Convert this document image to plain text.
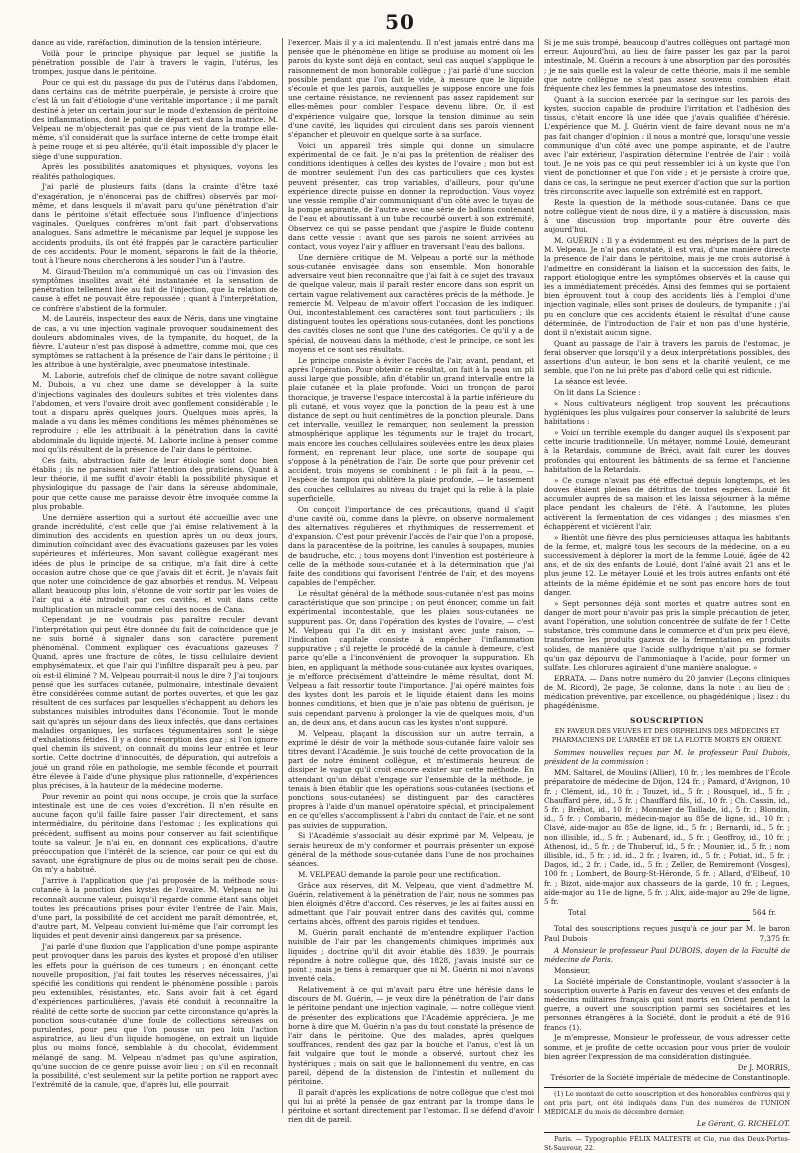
50

dance au vide, raréfaction, diminution de la tension intérieure.

Voilà pour le principe physique par lequel se justifie la pénétration possible de l'air à travers le vagin, l'utérus, les trompes, jusque dans le péritoine.

Pour ce qui est du passage du pus de l'utérus dans l'abdomen, dans certains cas de métrite puerpérale, je persiste à croire que c'est là un fait d'étiologie d'une véritable importance ; il me paraît destiné à jeter un certain jour sur le mode d'extension de péritoine des inflammations, dont le point de départ est dans la matrice. M. Velpeau ne m'objecterait pas que ce pus vient de la trompe elle-même, s'il considérait que la surface interne de cette trompe était à peine rouge et si peu altérée, qu'il était impossible d'y placer le siège d'une suppuration.

Après les possibilités anatomiques et physiques, voyons les réalités pathologiques.

J'ai parlé de plusieurs faits (dans la crainte d'être taxé d'exagération, je n'énoncerai pas de chiffres) observés par moi-même, et dans lesquels il m'avait paru qu'une pénétration d'air dans le péritoine s'était effectuée sous l'influence d'injections vaginales. Quelques confrères m'ont fait part d'observations analogues. Sans admettre le mécanisme par lequel je suppose les accidents produits, ils ont été frappés par le caractère particulier de ces accidents. Pour le moment, séparons le fait de la théorie, tout à l'heure nous chercherons à les souder l'un à l'autre.

M. Giraud-Theulon m'a communiqué un cas où l'invasion des symptômes insolites avait été instantanée et la sensation de pénétration tellement liée au fait de l'injection, que la relation de cause à effet ne pouvait être repoussée ; quant à l'interprétation, ce confrère s'abstient de la formuler.

M. de Lauréis, inspecteur des eaux de Néris, dans une vingtaine de cas, a vu une injection vaginale provoquer soudainement des douleurs abdominales vives, de la tympanite, du hoquet, de la fièvre. L'auteur n'est pas disposé à admettre, comme moi, que ces symptômes se rattachent à la présence de l'air dans le péritoine ; il les attribue à une hystéralgie, avec pneumatose intestinale.

M. Laborie, autrefois chef de clinique de notre savant collègue M. Dubois, a vu chez une dame se développer à la suite d'injections vaginales des douleurs subites et très violentes dans l'abdomen, et vers l'ovaire droit avec gonflement considérable ; le tout a disparu après quelques jours. Quelques mois après, la malade a vu dans les mêmes conditions les mêmes phénomènes se reproduire ; elle les attribuait à la pénétration dans la cavité abdominale du liquide injecté. M. Laborie incline à penser comme moi qu'ils résultent de la présence de l'air dans le péritoine.

Ces faits, abstraction faite de leur étiologie sont donc bien établis ; ils ne paraissent nier l'attention des praticiens. Quant à leur théorie, il me suffit d'avoir établi la possibilité physique et physiologique du passage de l'air dans la séreuse abdominale, pour que cette cause me paraisse devoir être invoquée comme la plus probable.

Une dernière assertion qui a surtout été accueillie avec une grande incrédulité, c'est celle que j'ai émise relativement à la diminution des accidents en question après un ou deux jours, diminution coïncidant avec des évacuations gazeuses par les voies supérieures et inférieures. Mon savant collègue exagérant mes idées de plus le principe de sa critique, m'a fait dire à cette occasion autre chose que ce que j'avais dit et écrit. Je n'avais fait que noter une coïncidence de gaz absorbés et rendus. M. Velpeau allant beaucoup plus loin, s'étonne de voir sortir par les voies de l'air qui a été introduit par ces cavités, et voit dans cette multiplication un miracle comme celui des noces de Cana.

Cependant je ne voudrais pas paraître reculer devant l'interprétation qui peut être donnée du fait de coïncidence que je ne suis borné à signaler dans son caractère purement phénoménal. Comment expliquer ces évacuations gazeuses ? Quand, après une fracture de côtes, le tissu cellulaire devient emphysémateux, et que l'air qui l'infiltre disparaît peu à peu, par où est-il éliminé ? M. Velpeau pourrait-il nous le dire ? J'ai toujours pensé que les surfaces cutanée, pulmonaire, intestinale devaient être considérées comme autant de portes ouvertes, et que les gaz résultent de ces surfaces par lesquelles s'échappent au dehors les substances nuisibles introduites dans l'économie. Tout le monde sait qu'après un séjour dans des lieux infectés, que dans certaines maladies organiques, les surfaces tégumentaires sont le siège d'exhalations fétides. Il y a donc résorption des gaz ; si l'on ignore quel chemin ils suivent, on connaît du moins leur entrée et leur sortie. Cette doctrine d'innocuités, de dépuration, qui autrefois a joué un grand rôle en pathologie, me semble féconde et pourrait être élevée à l'aide d'une physique plus rationnelle, d'expériences plus précises, à la hauteur de la médecine moderne.

Pour revenir au point qui nous occupe, je crois que la surface intestinale est une de ces voies d'excrétion. Il n'en résulte en aucune façon qu'il faille faire passer l'air directement, et sans intermédiaire, du péritoine dans l'estomac ; les explications qui précèdent, suffisent au moins pour conserver au fait scientifique toute sa valeur. Je n'ai eu, en donnant ces explications, d'autre préoccupation que l'intérêt de la science, car pour ce qui est du savant, une égratignure de plus ou de moins serait peu de chose. On m'y a habitué.

J'arrive à l'application que j'ai proposée de la méthode sous-cutanée à la ponction des kystes de l'ovaire. M. Velpeau ne lui reconnaît aucune valeur, puisqu'il regarde comme étant sans objet toutes les précautions prises pour éviter l'entrée de l'air. Mais, d'une part, la possibilité de cet accident me paraît démontrée, et, d'autre part, M. Velpeau convient lui-même que l'air corrompt les liquides et peut devenir ainsi dangereux par sa présence.

J'ai parlé d'une fluxion que l'application d'une pompe aspirante peut provoquer dans les parois des kystes et proposé d'en utiliser les effets pour la guérison de ces tumeurs ; en énonçant cette nouvelle proposition, j'ai fait toutes les réserves nécessaires, j'ai spécifié les conditions qui rendent le phénomène possible : parois peu extensibles, résistantes, etc. Sans avoir fait à cet égard d'expériences particulières, j'avais été conduit à reconnaître la réalité de cette sorte de succion par cette circonstance qu'après la ponction sous-cutanée d'une foule de collections séreuses ou purulentes, pour peu que l'on pousse un peu loin l'action aspiratrice, au lieu d'un liquide homogène, on extrait un liquide plus ou moins foncé, semblable à du chocolat, évidemment mélangé de sang. M. Velpeau n'admet pas qu'une aspiration, qu'une succion de ce genre puisse avoir lieu ; on s'il en reconnaît la possibilité, c'est seulement sur la petite portion ne rapport avec l'extrémité de la canule, que, d'après lui, elle pourrait

l'exercer. Mais il y a ici malentendu. Il n'est jamais entré dans ma pensée que le phénomène en litige se produise au moment où les parois du kyste sont déjà en contact, seul cas auquel s'applique le raisonnement de mon honorable collègue ; j'ai parlé d'une succion possible pendant que l'on fait le vide, à mesure que le liquide s'écoule et que les parois, auxquelles je suppose encore une fois une certaine résistance, ne reviennent pas assez rapidement sur elles-mêmes pour combler l'espace devenu libre. Or, il est d'expérience vulgaire que, lorsque la tension diminue au sein d'une cavité, les liquides qui circulent dans ses parois viennent s'épancher et pleuvoir en quelque sorte à sa surface.

Voici un appareil très simple qui donne un simulacre expérimental de ce fait. Je n'ai pas la prétention de réaliser des conditions identiques à celles des kystes de l'ovaire ; mon but est de montrer seulement l'un des cas particuliers que ces kystes peuvent présenter, cas trop variables, d'ailleurs, pour qu'une expérience directe puisse en donner la reproduction. Vous voyez une vessie remplie d'air communiquant d'un côté avec le tuyau de la pompe aspirante, de l'autre avec une série de ballons contenant de l'eau et aboutissant à un tube recourbé ouvert à son extrémité. Observez ce qui se passe pendant que j'aspire le fluide contenu dans cette vessie : avant que ses parois ne soient arrivées au contact, vous voyez l'air y affluer en traversant l'eau des ballons.

Une dernière critique de M. Velpeau a porté sur la méthode sous-cutanée envisagée dans son ensemble. Mon honorable adversaire veut bien reconnaître que j'ai fait à ce sujet des travaux de quelque valeur, mais il paraît rester encore dans son esprit un certain vague relativement aux caractères précis de la méthode. Je remercie M. Velpeau de m'avoir offert l'occasion de les indiquer. Oui, incontestablement ces caractères sont tout particuliers ; ils distinguent toutes les opérations sous-cutanées, dont les ponctions des cavités closes ne sont que l'une des catégories. Ce qu'il y a de spécial, de nouveau dans la méthode, c'est le principe, ce sont les moyens et ce sont ses résultats.

Le principe consiste à éviter l'accès de l'air, avant, pendant, et après l'opération. Pour obtenir ce résultat, on fait à la peau un pli aussi large que possible, afin d'établir un grand intervalle entre la plaie cutanée et la plaie profonde. Voici un tronçon de paroi thoracique, je traverse l'espace intercostal à la partie inférieure du pli cutané, et vous voyez que la ponction de la peau est à une distance de sept ou huit centimètres de la ponction pleurale. Dans cet intervalle, veuillez le remarquer, non seulement la pression atmosphérique applique les téguments sur le trajet du trocart, mais encore les couches cellulaires soulevées entre les deux plaies forment, en reprenant leur place, une sorte de soupape qui s'oppose à la pénétration de l'air. De sorte que pour prévenir cet accident, trois moyens se combinent : le pli fait à la peau, — l'espèce de tampon qui oblitère la plaie profonde, — le tassement des couches cellulaires au niveau du trajet qui la relie à la plaie superficielle.

On conçoit l'importance de ces précautions, quand il s'agit d'une cavité où, comme dans la plèvre, on observe normalement des alternatives régulières et rhythmiques de resserrement et d'expansion. C'est pour prévenir l'accès de l'air que l'on a proposé, dans la paracentèse de la poitrine, les canules à soupapes, munies de baudruche, etc. ; tous moyens dont l'invention est postérieure à celle de la méthode sous-cutanée et à la détermination que j'ai faite des conditions qui favorisent l'entrée de l'air, et des moyens capables de l'empêcher.

Le résultat général de la méthode sous-cutanée n'est pas moins caractéristique que son principe ; on peut énoncer, comme un fait expérimental incontestable, que les plaies sous-cutanées ne suppurent pas. Or, dans l'opération des kystes de l'ovaire, — c'est M. Velpeau qui l'a dit en y insistant avec juste raison, — l'indication capitale consiste à empêcher l'inflammation suppurative ; s'il rejette le procédé de la canule à demeure, c'est parce qu'elle a l'inconvénient de provoquer la suppuration. Eh bien, en appliquant la méthode sous-cutanée aux kystes ovariques, je m'efforce précisément d'atteindre le même résultat, dont M. Velpeau a fait ressortir toute l'importance. J'ai opéré maintes fois des kystes dont les parois et le liquide étaient dans les moins bonnes conditions, et bien que je n'aie pas obtenu de guérison, je suis cependant parvenu à prolonger la vie de quelques mois, d'un an, de deux ans, et dans aucun cas les kystes n'ont suppuré.

M. Velpeau, plaçant la discussion sur un autre terrain, a exprimé le désir de voir la méthode sous-cutanée faire valoir ses titres devant l'Académie. Je suis touché de cette provocation de la part de notre éminent collègue, et m'estimerais heureux de dissiper le vague qu'il croit encore exister sur cette méthode. En attendant qu'un débat s'engage sur l'ensemble de la méthode, je tenais à bien établir que les opérations sous-cutanées (sections et ponctions sous-cutanées) se distinguent par des caractères propres à l'aide d'un manuel opératoire spécial, et principalement en ce qu'elles s'accomplissent à l'abri du contact de l'air, et ne sont pas suivies de suppuration.

Si l'Académie s'associait au désir exprimé par M. Velpeau, je serais heureux de m'y conformer et pourrais présenter un exposé général de la méthode sous-cutanée dans l'une de nos prochaines séances.

M. VELPEAU demande la parole pour une rectification.

Grâce aux réserves, dit M. Velpeau, que vient d'admettre M. Guérin, relativement à la pénétration de l'air, nous ne sommes pas bien éloignés d'être d'accord. Ces réserves, je les ai faites aussi en admettant que l'air pouvait entrer dans des cavités qui, comme certains abcès, offrent des parois rigides et tendues.

M. Guérin paraît enchanté de m'entendre expliquer l'action nuisible de l'air par les changements chimiques imprimés aux liquides ; doctrine qu'il dit avoir établie dès 1839. Je pourrais répondre à notre collègue que, dès 1828, j'avais insisté sur ce point ; mais je tiens à remarquer que ni M. Guérin ni moi n'avons inventé cela.

Relativement à ce qui m'avait paru être une hérésie dans le discours de M. Guérin, — je veux dire la pénétration de l'air dans le péritoine pendant une injection vaginale, — notre collègue vient de présenter des explications que l'Académie appréciera. Je me borne à dire que M. Guérin n'a pas du tout constaté la présence de l'air dans le péritoine. Que des malades, après quelques souffrances, rendent des gaz par la bouche et l'anus, c'est là un fait vulgaire que tout le monde a observé, surtout chez les hystériques ; mais on sait que le ballonnement du ventre, en cas pareil, dépend de la distension de l'intestin et nullement du péritoine.

Il paraît d'après les explications de notre collègue que c'est moi qui lui ai prêté la pensée de gaz entrant par la trompe dans le péritoine et sortant directement par l'estomac. Il se défend d'avoir rien dit de pareil.

Si je me suis trompé, beaucoup d'autres collègues ont partagé mon erreur. Aujourd'hui, au lieu de faire passer les gaz par la paroi intestinale, M. Guérin a recours à une absorption par des porosités ; je ne sais quelle est la valeur de cette théorie, mais il me semble que notre collègue ne s'est pas assez souvenu combien était fréquente chez les femmes la pneumatose des intestins.

Quant à la succion exercée par la seringue sur les parois des kystes, succion capable de produire l'irritation et l'adhésion des tissus, c'était encore là une idée que j'avais qualifiée d'hérésie. L'expérience que M. J. Guérin vient de faire devant nous ne m'a pas fait changer d'opinion : il nous a montré que, lorsqu'une vessie communique d'un côté avec une pompe aspirante, et de l'autre avec l'air extérieur, l'aspiration détermine l'entrée de l'air : voilà tout. Je ne vois pas ce qui peut ressembler ici à un kyste que l'on vient de ponctionner et que l'on vide ; et je persiste à croire que, dans ce cas, la seringue ne peut exercer d'action que sur la portion très circonscrite avec laquelle son extrémité est en rapport.

Reste la question de la méthode sous-cutanée. Dans ce que notre collègue vient de nous dire, il y a matière à discussion, mais à une discussion trop importante pour être ouverte dès aujourd'hui.

M. GUÉRIN : Il y a évidemment eu des méprises de la part de M. Velpeau. Je n'ai pas constaté, il est vrai, d'une manière directe la présence de l'air dans le péritoine, mais je me crois autorisé à l'admettre en considérant la liaison et la succession des faits, le rapport étiologique entre les symptômes observés et la cause qui les a immédiatement précédés. Ainsi des femmes qui se portaient bien éprouvent tout à coup des accidents liés à l'emploi d'une injection vaginale, elles sont prises de douleurs, de tympanite ; j'ai pu en conclure que ces accidents étaient le résultat d'une cause déterminée, de l'introduction de l'air et non pas d'une hystérie, dont il n'existait aucun signe.

Quant au passage de l'air à travers les parois de l'estomac, je ferai observer que lorsqu'il y a deux interprétations possibles, des assertions d'un auteur, le bon sens et la charité veulent, ce me semble, que l'on ne lui prête pas d'abord celle qui est ridicule.

La séance est levée.

On lit dans La Science :

« Nous cultivateurs négligent trop souvent les précautions hygiéniques les plus vulgaires pour conserver la salubrité de leurs habitations :

» Voici un terrible exemple du danger auquel ils s'exposent par cette incurie traditionnelle. Un métayer, nommé Louié, demeurant à la Retardais, commune de Bréci, avait fait curer les douves profondes qui entourent les bâtiments de sa ferme et l'ancienne habitation de la Retardais.

» Ce curage n'avait pas été effectué depuis longtemps, et les douves étaient pleines de détritus de toutes espèces. Louié fit accumuler auprès de sa maison et les laissa séjourner à la même place pendant les chaleurs de l'été. A l'automne, les pluies activèrent la fermentation de ces vidanges ; des miasmes s'en échappèrent et vicièrent l'air.

» Bientôt une fièvre des plus pernicieuses attaqua les habitants de la ferme, et, malgré tous les secours de la médecine, on a eu successivement à déplorer la mort de la femme Louié, âgée de 42 ans, et de six des enfants de Louié, dont l'aîné avait 21 ans et le plus jeune 12. Le métayer Louié et les trois autres enfants ont été atteints de la même épidémie et ne sont pas encore hors de tout danger.

» Sept personnes déjà sont mortes et quatre autres sont en danger de mort pour n'avoir pas pris la simple précaution de jeter, avant l'opération, une solution concentrée de sulfate de fer ! Cette substance, très commune dans le commerce et d'un prix peu élevé, transforme les produits gazeux de la fermentation en produits solides, de manière que l'acide sulfhydrique n'ait pu se former qu'un gaz dépourvu de l'ammoniaque à l'acide, pour former un sulfate. Les chlorures agiraient d'une manière analogue. »

ERRATA. — Dans notre numéro du 20 janvier (Leçons cliniques de M. Ricord), 2e page, 3e colonne, dans la note : au lieu de : médication préventive, par excellence, ou phagédénique ; lisez : du phagédénisme.

SOUSCRIPTION
EN FAVEUR DES VEUVES ET DES ORPHELINS DES MÉDECINS ET PHARMACIENS DE L'ARMÉE ET DE LA FLOTTE MORTS EN ORIENT.

Sommes nouvelles reçues par M. le professeur Paul Dubois, président de la commission :

MM. Saltarel, de Moulins (Allier), 10 fr. ; les membres de l'École préparatoire de médecine de Dijon, 124 fr. ; Pamard, d'Avignon, 10 fr. ; Clément, id., 10 fr. ; Touzet, id., 5 fr. ; Rousquel, id., 5 fr. ; Chauffard père, id., 5 fr. ; Chauffard fils, id., 10 fr. ; Ch. Cassin, id., 5 fr. ; Bréhot, id., 10 fr. ; Monnier de Taillade, id., 5 fr. ; Blondin, id., 5 fr. ; Combarin, médecin-major au 85e de ligne, id., 10 fr. ; Clavé, aide-major au 85e de ligne, id., 5 fr. ; Bernardi, id., 5 fr. ; non illisible, id., 5 fr. ; Aubenard, id., 5 fr. ; Geoffroy, id., 10 fr. ; Athenosi, id., 5 fr. ; de Thuberuf, id., 5 fr. ; Mounier, id., 5 fr. ; nom illisible, id., 5 fr. ; id. id., 2 fr. ; Ivaren, id., 5 fr. ; Potiat, id., 5 fr. ; Dagos, id., 2 fr. ; Cade, id., 5 fr. ; Zeller, de Remiremont (Vosges), 100 fr. ; Lombert, de Bourg-St-Héronde, 5 fr. ; Allard, d'Elbeuf, 10 fr. ; Bizot, aide-major aux chasseurs de la garde, 10 fr. ; Legues, aide-major au 11e de ligne, 5 fr. ; Alix, aide-major au 29e de ligne, 5 fr.

Total	564 fr.

Total des souscriptions reçues jusqu'à ce jour par M. le baron Paul Dubois	7,375 fr.

A Monsieur le professeur Paul DUBOIS, doyen de la Faculté de médecine de Paris.

Monsieur,

La Société impériale de Constantinople, voulant s'associer à la souscription ouverte à Paris en faveur des veuves et des enfants de médecins militaires français qui sont morts en Orient pendant la guerre, a ouvert une souscription parmi ses sociétaires et les personnes étrangères à la Société, dont le produit a été de 916 francs (1).

Je m'empresse, Monsieur le professeur, de vous adresser cette somme, et je profite de cette occasion pour vous prier de vouloir bien agréer l'expression de ma considération distinguée.

Dr J. MORRIS,

Trésorier de la Société impériale de médecine de Constantinople.

(1) Le montant de cette souscription et des honorables confrères qui y ont pris part, ont été indiqués dans l'un des numéros de l'UNION MÉDICALE du mois de décembre dernier.

Le Gérant, G. RICHELOT.

Paris. — Typographie FÉLIX MALTESTE et Cie, rue des Deux-Portes-St-Sauveur, 22.
